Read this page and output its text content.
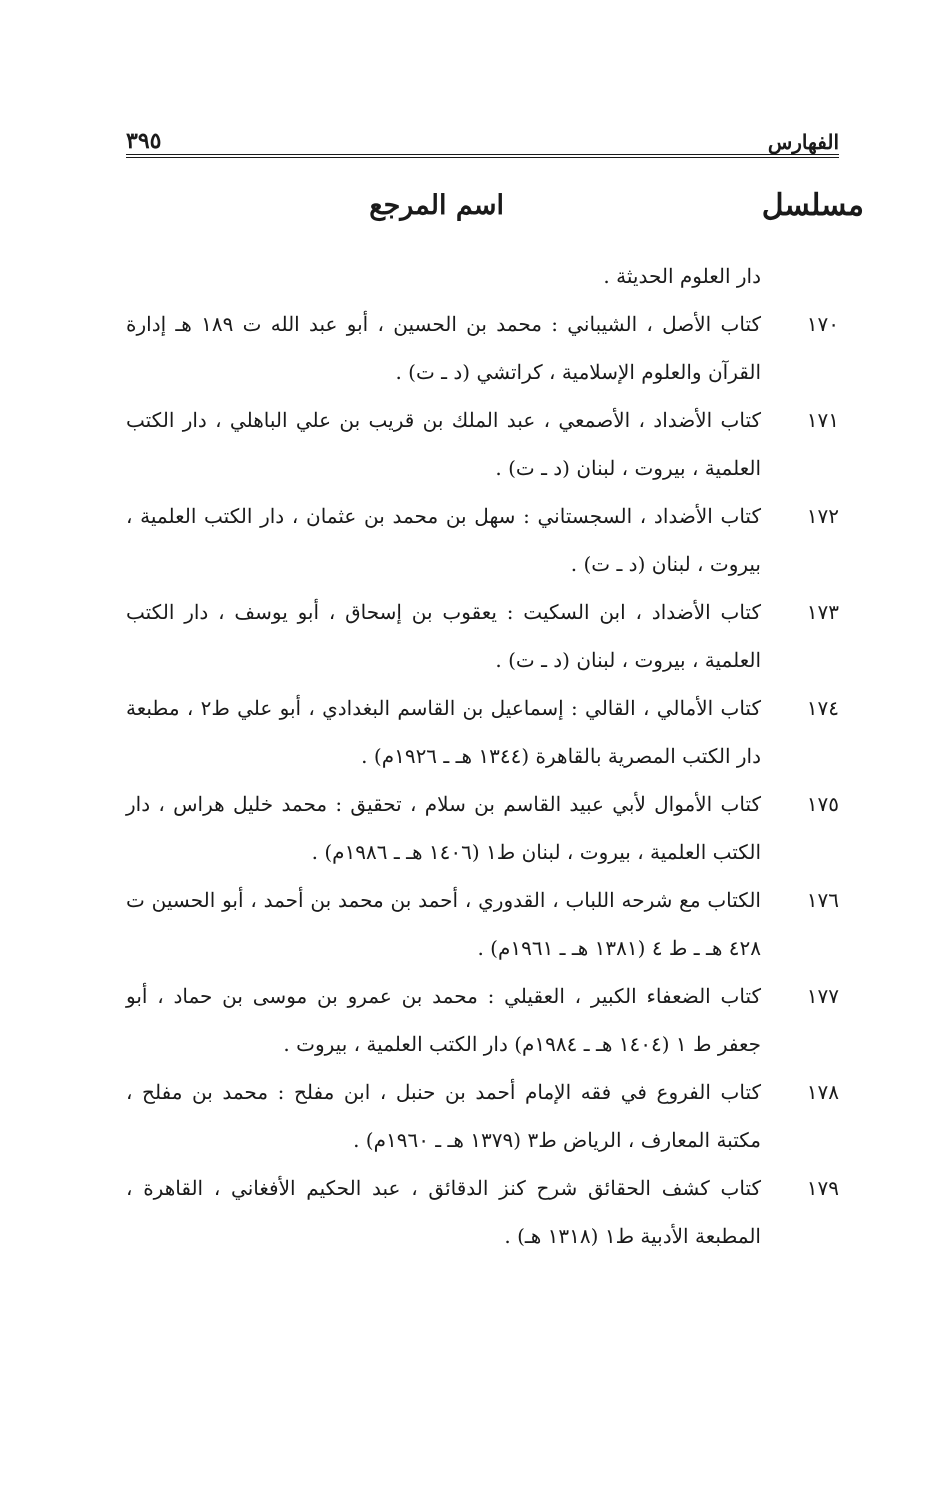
الفهارس
٣٩٥
مسلسل
اسم المرجع
دار العلوم الحديثة .
١٧٠
كتاب الأصل ، الشيباني : محمد بن الحسين ، أبو عبد الله ت ١٨٩ هـ إدارة القرآن والعلوم الإسلامية ، كراتشي (د ـ ت) .
١٧١
كتاب الأضداد ، الأصمعي ، عبد الملك بن قريب بن علي الباهلي ، دار الكتب العلمية ، بيروت ، لبنان (د ـ ت) .
١٧٢
كتاب الأضداد ، السجستاني : سهل بن محمد بن عثمان ، دار الكتب العلمية ، بيروت ، لبنان (د ـ ت) .
١٧٣
كتاب الأضداد ، ابن السكيت : يعقوب بن إسحاق ، أبو يوسف ، دار الكتب العلمية ، بيروت ، لبنان (د ـ ت) .
١٧٤
كتاب الأمالي ، القالي : إسماعيل بن القاسم البغدادي ، أبو علي ط٢ ، مطبعة دار الكتب المصرية بالقاهرة (١٣٤٤ هـ ـ ١٩٢٦م) .
١٧٥
كتاب الأموال لأبي عبيد القاسم بن سلام ، تحقيق : محمد خليل هراس ، دار الكتب العلمية ، بيروت ، لبنان ط١ (١٤٠٦ هـ ـ ١٩٨٦م) .
١٧٦
الكتاب مع شرحه اللباب ، القدوري ، أحمد بن محمد بن أحمد ، أبو الحسين ت ٤٢٨ هـ ـ ط ٤ (١٣٨١ هـ ـ ١٩٦١م) .
١٧٧
كتاب الضعفاء الكبير ، العقيلي : محمد بن عمرو بن موسى بن حماد ، أبو جعفر ط ١ (١٤٠٤ هـ ـ ١٩٨٤م) دار الكتب العلمية ، بيروت .
١٧٨
كتاب الفروع في فقه الإمام أحمد بن حنبل ، ابن مفلح : محمد بن مفلح ، مكتبة المعارف ، الرياض ط٣ (١٣٧٩ هـ ـ ١٩٦٠م) .
١٧٩
كتاب كشف الحقائق شرح كنز الدقائق ، عبد الحكيم الأفغاني ، القاهرة ، المطبعة الأدبية ط١ (١٣١٨ هـ) .
